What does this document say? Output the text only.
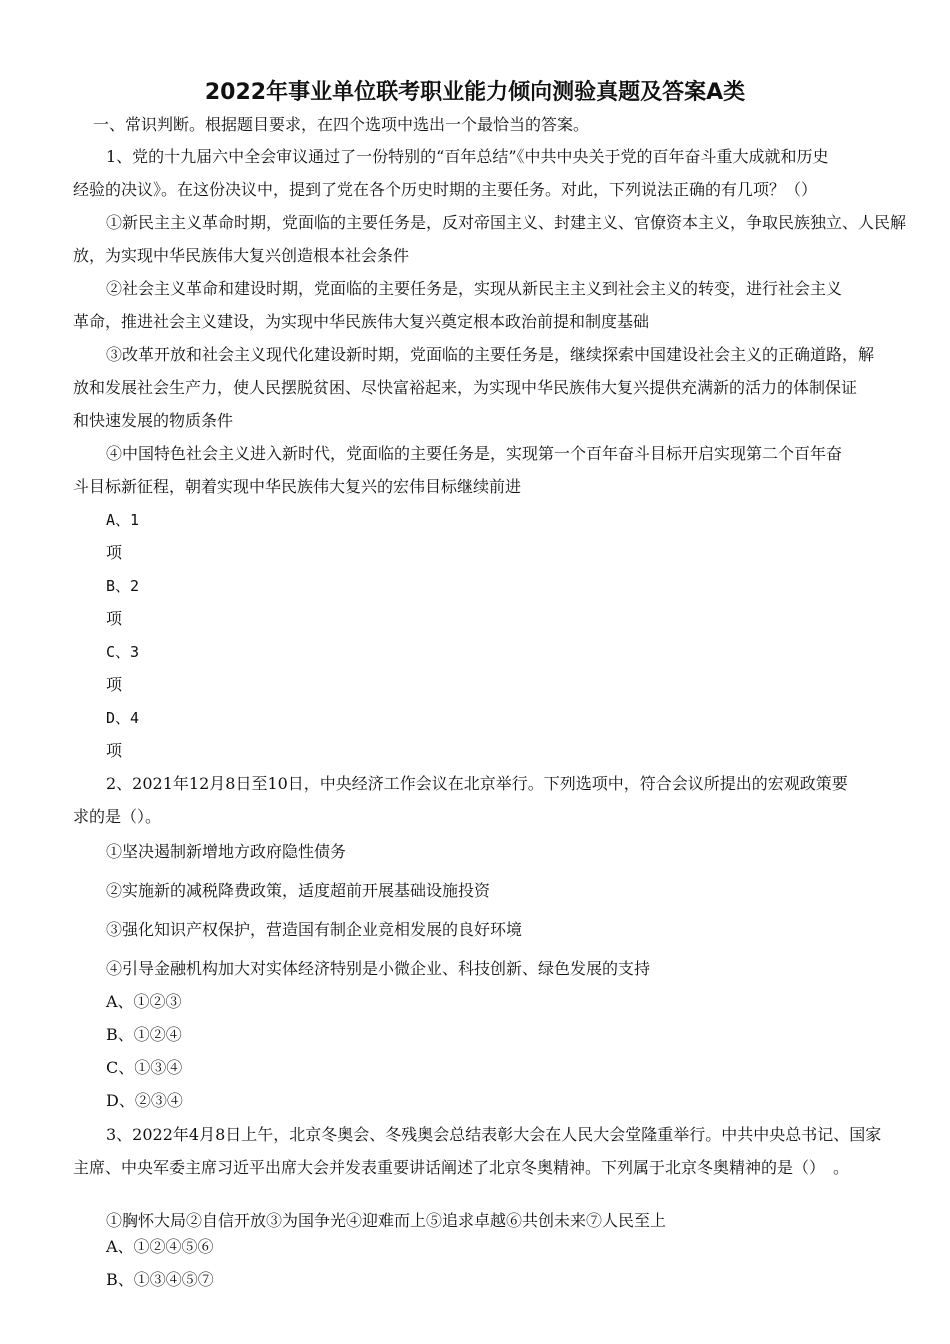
2022年事业单位联考职业能力倾向测验真题及答案A类
一、常识判断。根据题目要求，在四个选项中选出一个最恰当的答案。
1、党的十九届六中全会审议通过了一份特别的“百年总结”《中共中央关于党的百年奋斗重大成就和历史
经验的决议》。在这份决议中，提到了党在各个历史时期的主要任务。对此，下列说法正确的有几项？（）
①新民主主义革命时期，党面临的主要任务是，反对帝国主义、封建主义、官僚资本主义，争取民族独立、人民解
放，为实现中华民族伟大复兴创造根本社会条件
②社会主义革命和建设时期，党面临的主要任务是，实现从新民主主义到社会主义的转变，进行社会主义
革命，推进社会主义建设，为实现中华民族伟大复兴奠定根本政治前提和制度基础
③改革开放和社会主义现代化建设新时期，党面临的主要任务是，继续探索中国建设社会主义的正确道路， 解
放和发展社会生产力，使人民摆脱贫困、尽快富裕起来，为实现中华民族伟大复兴提供充满新的活力的体制保证
和快速发展的物质条件
④中国特色社会主义进入新时代，党面临的主要任务是，实现第一个百年奋斗目标开启实现第二个百年奋
斗目标新征程，朝着实现中华民族伟大复兴的宏伟目标继续前进
A、1
项
B、2
项
C、3
项
D、4
项
2、2021年12月8日至10日，中央经济工作会议在北京举行。下列选项中，符合会议所提出的宏观政策要
求的是（）。
①坚决遏制新增地方政府隐性债务
②实施新的减税降费政策，适度超前开展基础设施投资
③强化知识产权保护，营造国有制企业竞相发展的良好环境
④引导金融机构加大对实体经济特别是小微企业、科技创新、绿色发展的支持
A、①②③
B、①②④
C、①③④
D、②③④
3、2022年4月8日上午，北京冬奥会、冬残奥会总结表彰大会在人民大会堂隆重举行。中共中央总书记、国家
主席、中央军委主席习近平出席大会并发表重要讲话阐述了北京冬奥精神。下列属于北京冬奥精神的是（）　。
①胸怀大局②自信开放③为国争光④迎难而上⑤追求卓越⑥共创未来⑦人民至上
A、①②④⑤⑥
B、①③④⑤⑦
